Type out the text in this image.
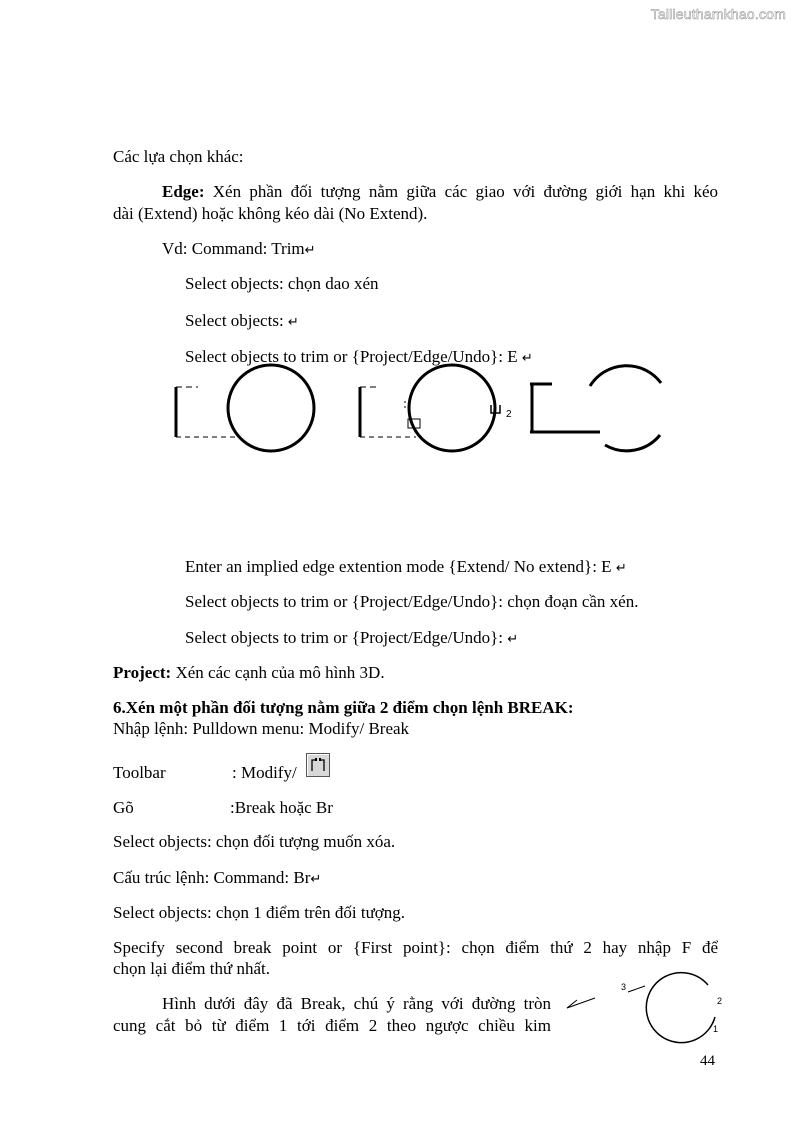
Tailieuthamkhao.com
Các lựa chọn khác:
Edge: Xén phần đối tượng nằm giữa các giao với đường giới hạn khi kéo
dài (Extend) hoặc không kéo dài (No Extend).
Vd: Command: Trim↵
Select objects: chọn dao xén
Select objects: ↵
Select objects to trim or {Project/Edge/Undo}: E ↵
2
Enter an implied edge extention mode {Extend/ No extend}: E ↵
Select objects to trim or {Project/Edge/Undo}: chọn đoạn cần xén.
Select objects to trim or {Project/Edge/Undo}: ↵
Project: Xén các cạnh của mô hình 3D.
6.Xén một phần đối tượng nằm giữa 2 điểm chọn lệnh BREAK:
Nhập lệnh: Pulldown menu: Modify/ Break
Toolbar	: Modify/
Gõ	:Break hoặc Br
Select objects: chọn đối tượng muốn xóa.
Cấu trúc lệnh: Command: Br↵
Select objects: chọn 1 điểm trên đối tượng.
Specify second break point or {First point}: chọn điểm thứ 2 hay nhập F để
chọn lại điểm thứ nhất.
Hình dưới đây đã Break, chú ý rằng với đường tròn
cung cắt bỏ từ điểm 1 tới điểm 2 theo ngược chiều kim
3
2
1
44
